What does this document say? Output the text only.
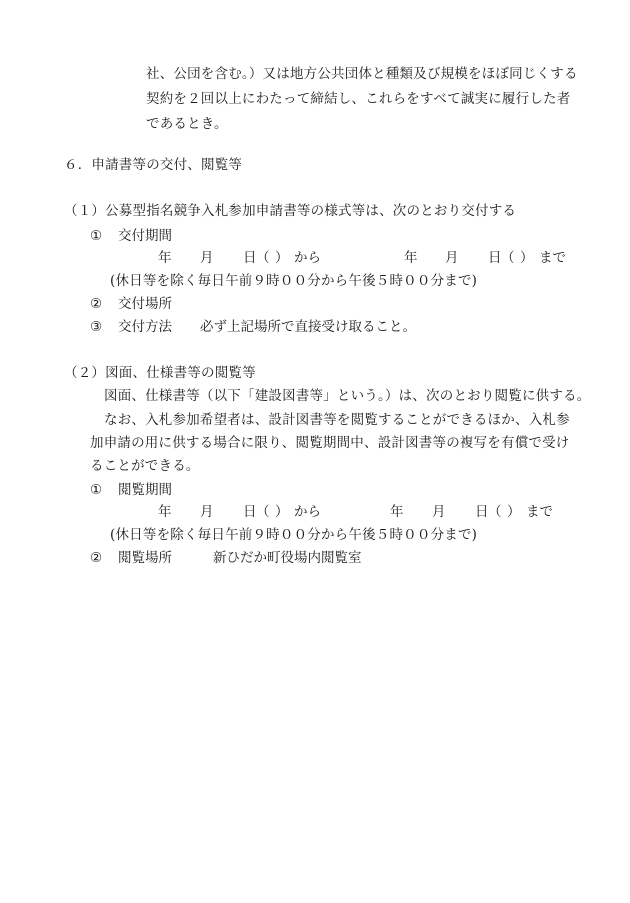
社、公団を含む。）又は地方公共団体と種類及び規模をほぼ同じくする
契約を２回以上にわたって締結し、これらをすべて誠実に履行した者
であるとき。
６．申請書等の交付、閲覧等
（１）公募型指名競争入札参加申請書等の様式等は、次のとおり交付する
① 交付期間
年 月 日 （ ） から	年 月 日 （ ） まで
(休日等を除く毎日午前９時００分から午後５時００分まで)
② 交付場所
③ 交付方法 必ず上記場所で直接受け取ること。
（２）図面、仕様書等の閲覧等
図面、仕様書等（以下「建設図書等」という。）は、次のとおり閲覧に供する。
なお、入札参加希望者は、設計図書等を閲覧することができるほか、入札参
加申請の用に供する場合に限り、閲覧期間中、設計図書等の複写を有償で受け
ることができる。
① 閲覧期間
年 月 日 （ ） から	年 月 日 （ ） まで
(休日等を除く毎日午前９時００分から午後５時００分まで)
② 閲覧場所	新ひだか町役場内閲覧室
